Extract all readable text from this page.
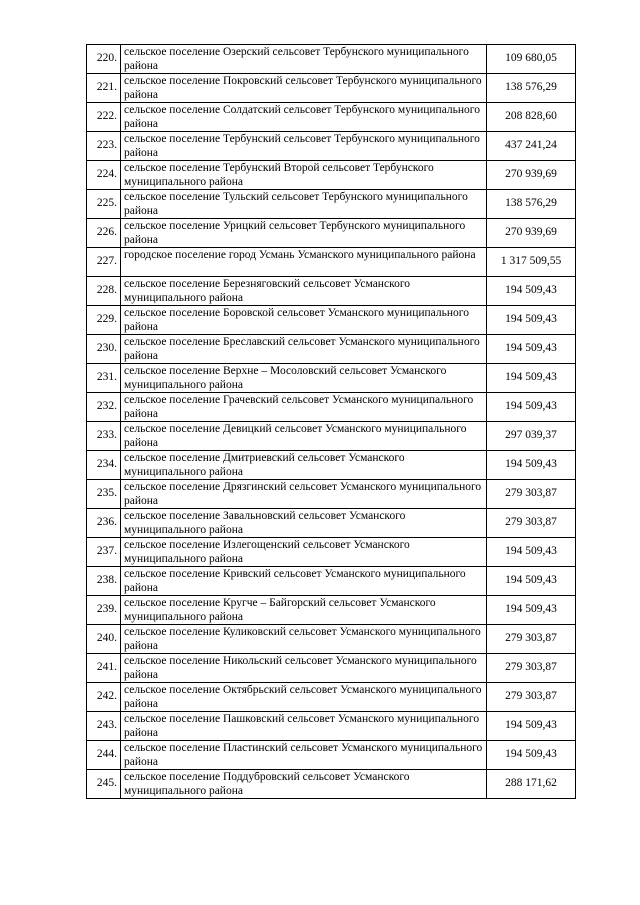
220.	сельское поселение Озерский сельсовет Тербунского муниципального района	109 680,05
221.	сельское поселение Покровский сельсовет Тербунского муниципального района	138 576,29
222.	сельское поселение Солдатский сельсовет Тербунского муниципального района	208 828,60
223.	сельское поселение Тербунский сельсовет Тербунского муниципального района	437 241,24
224.	сельское поселение Тербунский Второй сельсовет Тербунского муниципального района	270 939,69
225.	сельское поселение Тульский сельсовет Тербунского муниципального района	138 576,29
226.	сельское поселение Урицкий сельсовет Тербунского муниципального района	270 939,69
227.	городское поселение город Усмань Усманского муниципального района	1 317 509,55
228.	сельское поселение Березняговский сельсовет Усманского муниципального района	194 509,43
229.	сельское поселение Боровской сельсовет Усманского муниципального района	194 509,43
230.	сельское поселение Бреславский сельсовет Усманского муниципального района	194 509,43
231.	сельское поселение Верхне – Мосоловский сельсовет Усманского муниципального района	194 509,43
232.	сельское поселение Грачевский сельсовет Усманского муниципального района	194 509,43
233.	сельское поселение Девицкий сельсовет Усманского муниципального района	297 039,37
234.	сельское поселение Дмитриевский сельсовет Усманского муниципального района	194 509,43
235.	сельское поселение Дрязгинский сельсовет Усманского муниципального района	279 303,87
236.	сельское поселение Завальновский сельсовет Усманского муниципального района	279 303,87
237.	сельское поселение Излегощенский сельсовет Усманского муниципального района	194 509,43
238.	сельское поселение Кривский сельсовет Усманского муниципального района	194 509,43
239.	сельское поселение Кругче – Байгорский сельсовет Усманского муниципального района	194 509,43
240.	сельское поселение Куликовский сельсовет Усманского муниципального района	279 303,87
241.	сельское поселение Никольский сельсовет Усманского муниципального района	279 303,87
242.	сельское поселение Октябрьский сельсовет Усманского муниципального района	279 303,87
243.	сельское поселение Пашковский сельсовет Усманского муниципального района	194 509,43
244.	сельское поселение Пластинский сельсовет Усманского муниципального района	194 509,43
245.	сельское поселение Поддубровский сельсовет Усманского муниципального района	288 171,62
